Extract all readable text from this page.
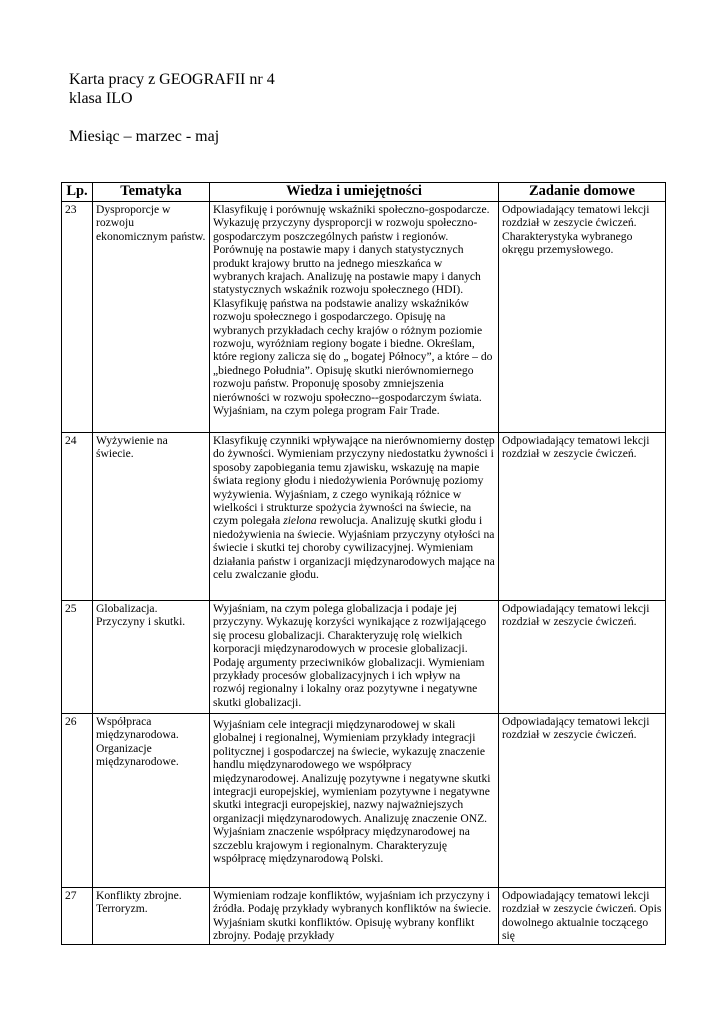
Karta pracy z GEOGRAFII nr 4
klasa ILO
Miesiąc – marzec - maj
Lp.	Tematyka	Wiedza i umiejętności	Zadanie domowe
23	Dysproporcje w rozwoju ekonomicznym państw.	Klasyfikuję i porównuję wskaźniki społeczno-gospodarcze. Wykazuję przyczyny dysproporcji w rozwoju społeczno-gospodarczym poszczególnych państw i regionów. Porównuję na postawie mapy i danych statystycznych produkt krajowy brutto na jednego mieszkańca w wybranych krajach. Analizuję na postawie mapy i danych statystycznych wskaźnik rozwoju społecznego (HDI). Klasyfikuję państwa na podstawie analizy wskaźników rozwoju społecznego i gospodarczego. Opisuję na wybranych przykładach cechy krajów o różnym poziomie rozwoju, wyróżniam regiony bogate i biedne. Określam, które regiony zalicza się do „ bogatej Północy”, a które – do „biednego Południa”. Opisuję skutki nierównomiernego rozwoju państw. Proponuję sposoby zmniejszenia nierówności w rozwoju społeczno--gospodarczym świata. Wyjaśniam, na czym polega program Fair Trade.	Odpowiadający tematowi lekcji rozdział w zeszycie ćwiczeń. Charakterystyka wybranego okręgu przemysłowego.
24	Wyżywienie na świecie.	Klasyfikuję czynniki wpływające na nierównomierny dostęp do żywności. Wymieniam przyczyny niedostatku żywności i sposoby zapobiegania temu zjawisku, wskazuję na mapie świata regiony głodu i niedożywienia Porównuję poziomy wyżywienia. Wyjaśniam, z czego wynikają różnice w wielkości i strukturze spożycia żywności na świecie, na czym polegała zielona rewolucja. Analizuję skutki głodu i niedożywienia na świecie. Wyjaśniam przyczyny otyłości na świecie i skutki tej choroby cywilizacyjnej. Wymieniam działania państw i organizacji międzynarodowych mające na celu zwalczanie głodu.	Odpowiadający tematowi lekcji rozdział w zeszycie ćwiczeń.
25	Globalizacja. Przyczyny i skutki.	Wyjaśniam, na czym polega globalizacja i podaje jej przyczyny. Wykazuję korzyści wynikające z rozwijającego się procesu globalizacji. Charakteryzuję rolę wielkich korporacji międzynarodowych w procesie globalizacji. Podaję argumenty przeciwników globalizacji. Wymieniam przykłady procesów globalizacyjnych i ich wpływ na rozwój regionalny i lokalny oraz pozytywne i negatywne skutki globalizacji.	Odpowiadający tematowi lekcji rozdział w zeszycie ćwiczeń.
26	Współpraca międzynarodowa. Organizacje międzynarodowe.	Wyjaśniam cele integracji międzynarodowej w skali globalnej i regionalnej, Wymieniam przykłady integracji politycznej i gospodarczej na świecie, wykazuję znaczenie handlu międzynarodowego we współpracy międzynarodowej. Analizuję pozytywne i negatywne skutki integracji europejskiej, wymieniam pozytywne i negatywne skutki integracji europejskiej, nazwy najważniejszych organizacji międzynarodowych. Analizuję znaczenie ONZ. Wyjaśniam znaczenie współpracy międzynarodowej na szczeblu krajowym i regionalnym. Charakteryzuję współpracę międzynarodową Polski.	Odpowiadający tematowi lekcji rozdział w zeszycie ćwiczeń.
27	Konflikty zbrojne. Terroryzm.	Wymieniam rodzaje konfliktów, wyjaśniam ich przyczyny i źródła. Podaję przykłady wybranych konfliktów na świecie. Wyjaśniam skutki konfliktów. Opisuję wybrany konflikt zbrojny. Podaję przykłady	Odpowiadający tematowi lekcji rozdział w zeszycie ćwiczeń. Opis dowolnego aktualnie toczącego się
